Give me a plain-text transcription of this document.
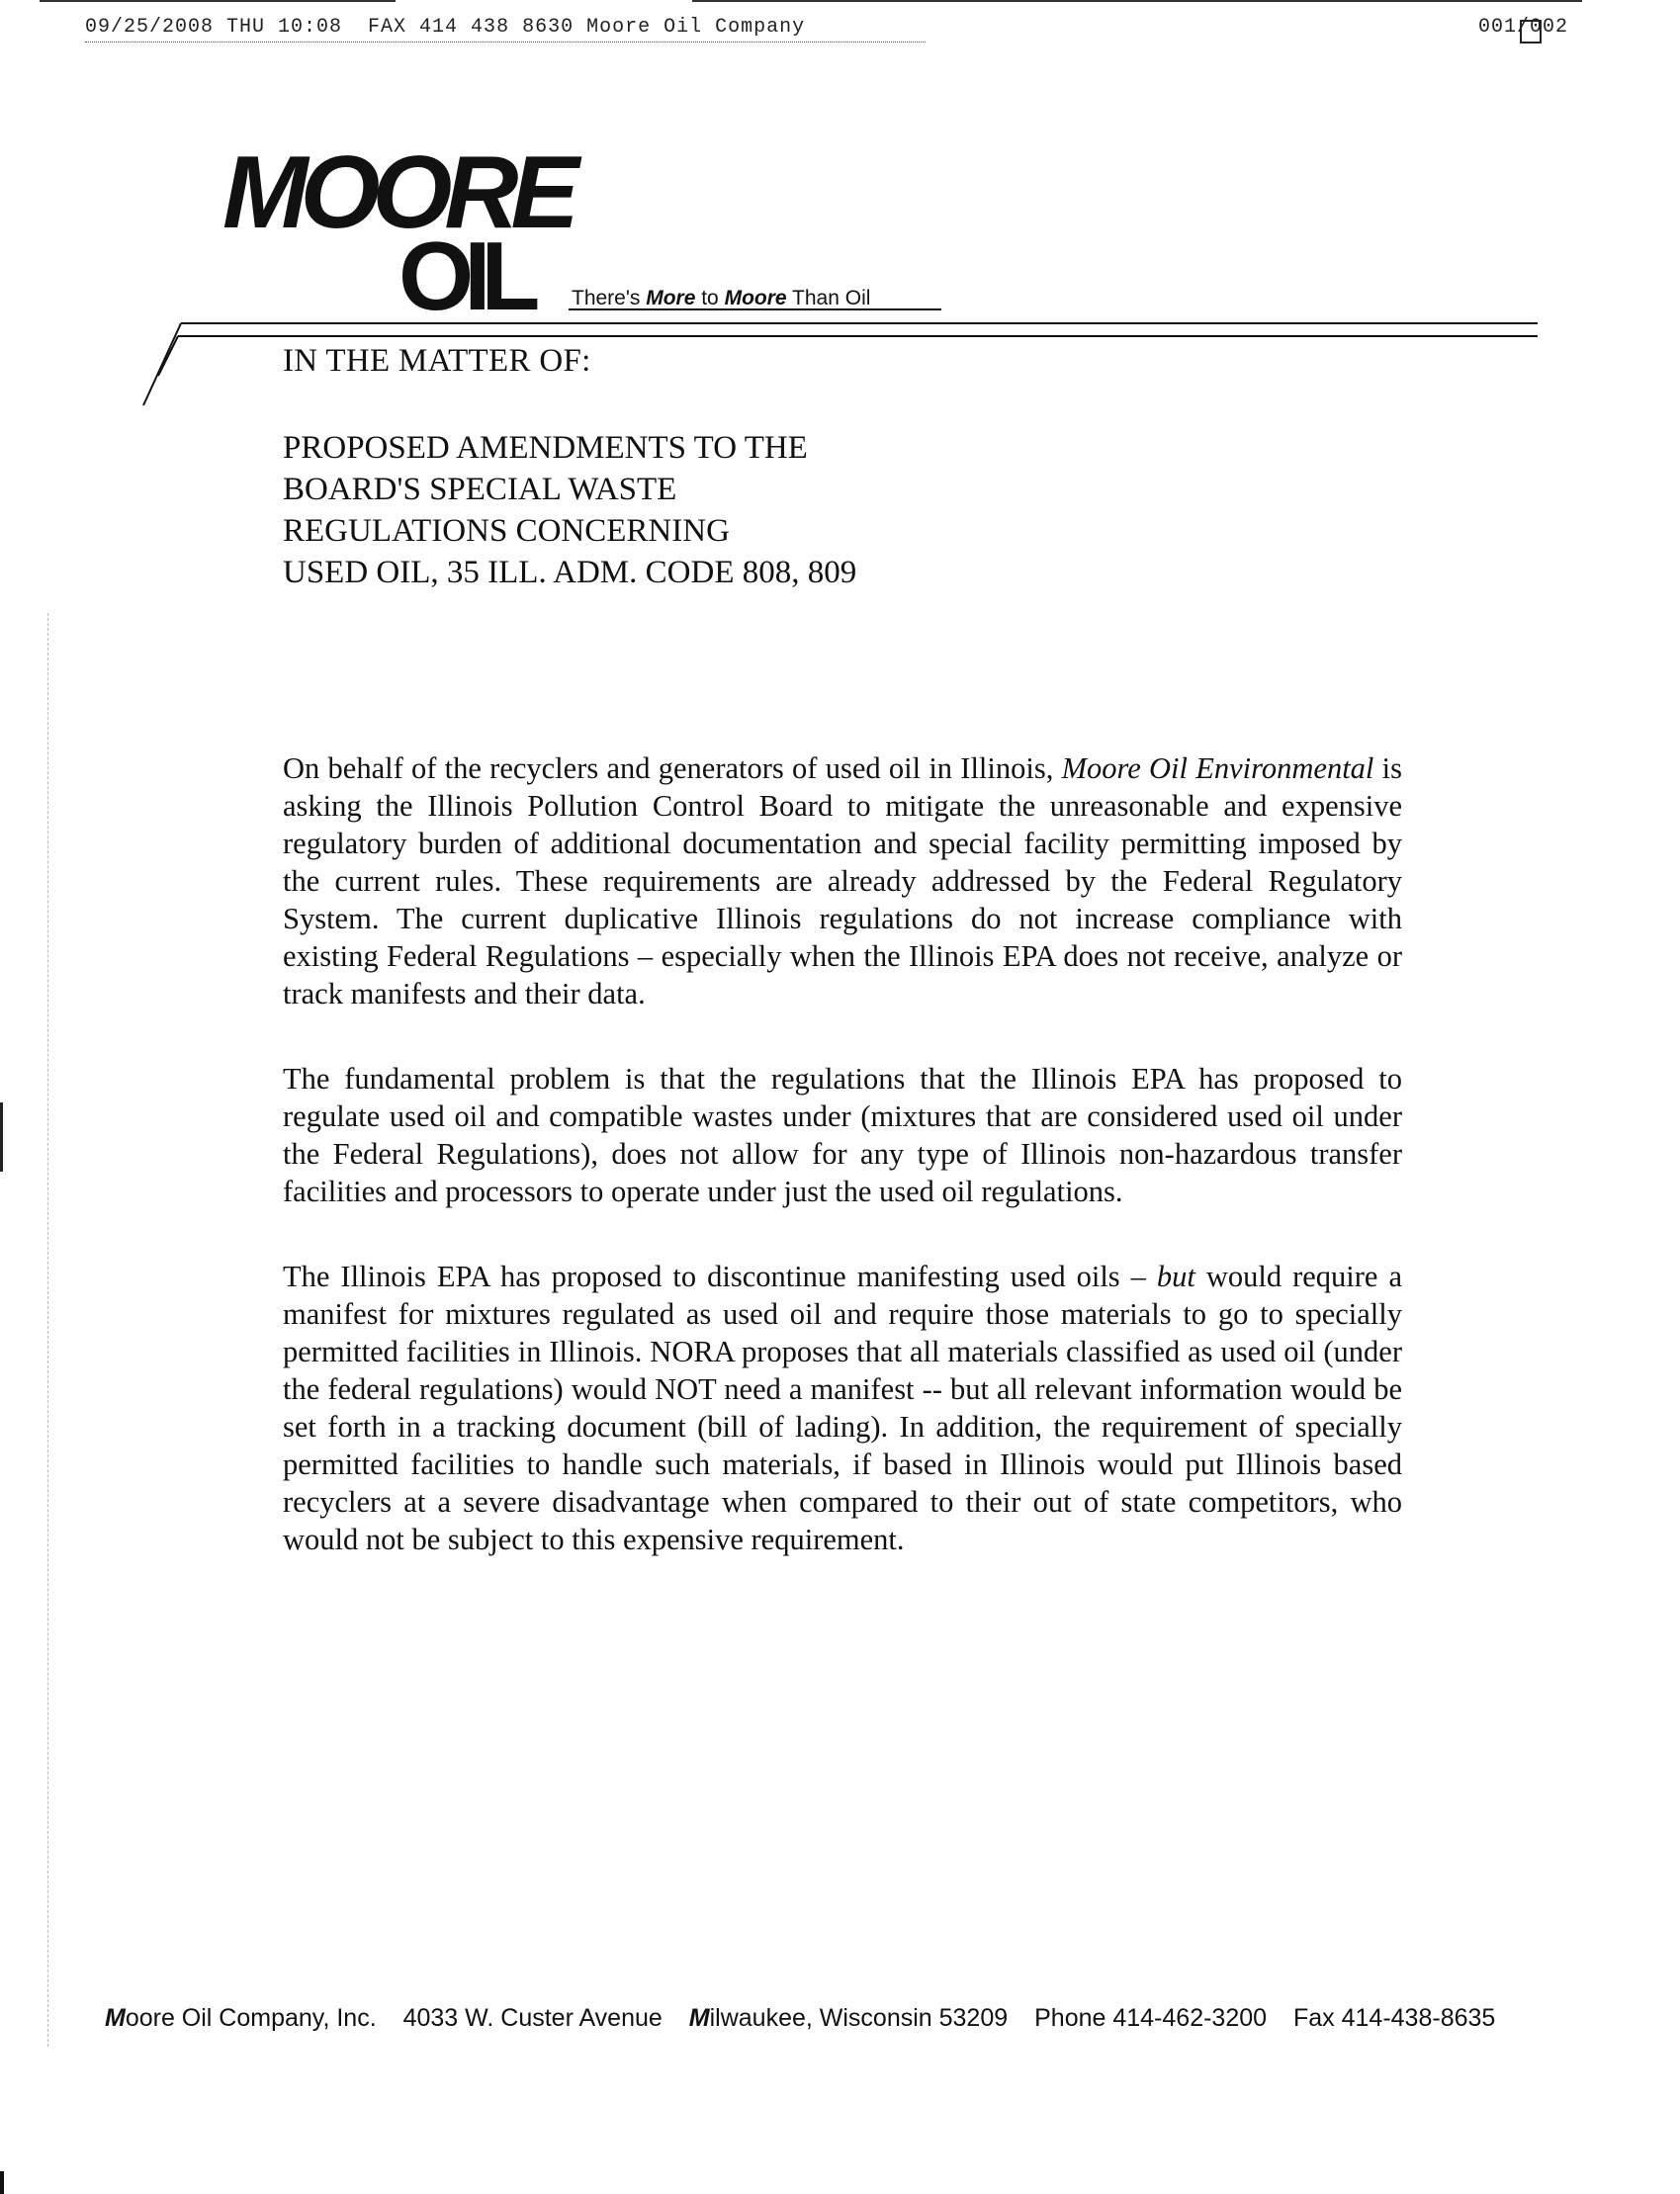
09/25/2008 THU 10:08  FAX 414 438 8630 Moore Oil Company	001/002
MOORE
OIL	There's More to Moore Than Oil
IN THE MATTER OF:
PROPOSED AMENDMENTS TO THE
BOARD'S SPECIAL WASTE
REGULATIONS CONCERNING
USED OIL, 35 ILL. ADM. CODE 808, 809

On behalf of the recyclers and generators of used oil in Illinois, Moore Oil Environmental is asking the Illinois Pollution Control Board to mitigate the unreasonable and expensive regulatory burden of additional documentation and special facility permitting imposed by the current rules. These requirements are already addressed by the Federal Regulatory System. The current duplicative Illinois regulations do not increase compliance with existing Federal Regulations – especially when the Illinois EPA does not receive, analyze or track manifests and their data.

The fundamental problem is that the regulations that the Illinois EPA has proposed to regulate used oil and compatible wastes under (mixtures that are considered used oil under the Federal Regulations), does not allow for any type of Illinois non-hazardous transfer facilities and processors to operate under just the used oil regulations.

The Illinois EPA has proposed to discontinue manifesting used oils – but would require a manifest for mixtures regulated as used oil and require those materials to go to specially permitted facilities in Illinois. NORA proposes that all materials classified as used oil (under the federal regulations) would NOT need a manifest -- but all relevant information would be set forth in a tracking document (bill of lading). In addition, the requirement of specially permitted facilities to handle such materials, if based in Illinois would put Illinois based recyclers at a severe disadvantage when compared to their out of state competitors, who would not be subject to this expensive requirement.

Moore Oil Company, Inc. 4033 W. Custer Avenue Milwaukee, Wisconsin 53209 Phone 414-462-3200 Fax 414-438-8635
